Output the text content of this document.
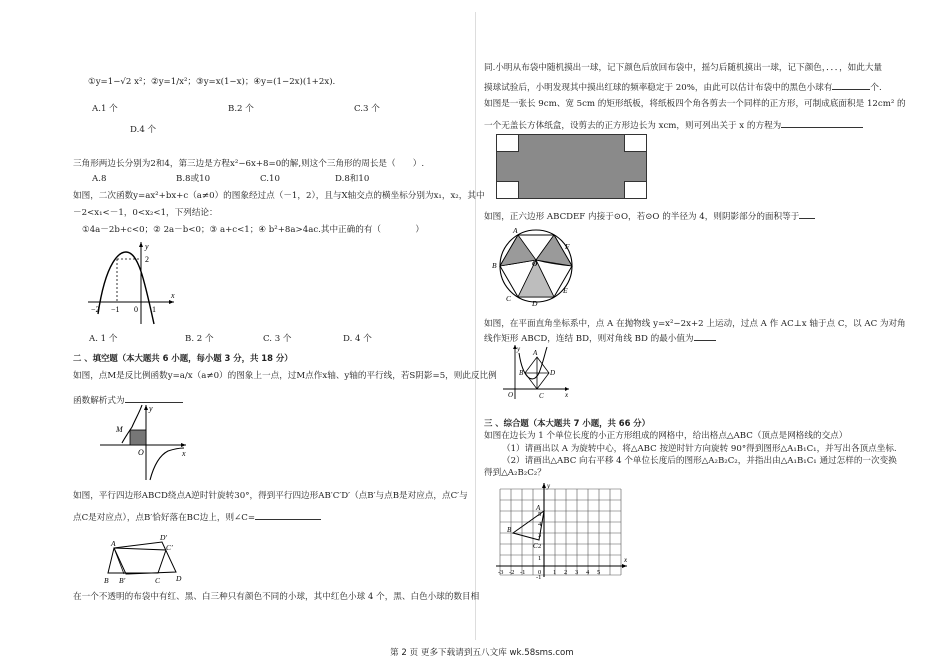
①y=1−√2 x²；②y=1/x²；③y=x(1−x)；④y=(1−2x)(1+2x).
A.1 个	B.2 个	C.3 个
D.4 个
三角形两边长分别为2和4，第三边是方程x²−6x+8=0的解,则这个三角形的周长是（　　）.
A.8	B.8或10	C.10	D.8和10
如图，二次函数y=ax²+bx+c（a≠0）的图象经过点（－1，2），且与X轴交点的横坐标分别为x₁，x₂，其中
－2<x₁<－1，0<x₂<1，下列结论：
①4a－2b+c<0；② 2a－b<0；③ a+c<1；④ b²+8a>4ac.其中正确的有（　　　　）
y
x
2
−2 −1 0 1
A. 1 个	B. 2 个	C. 3 个	D. 4 个
二 、填空题（本大题共 6 小题，每小题 3 分，共 18 分）
如图，点M是反比例函数y=a/x（a≠0）的图象上一点，过M点作x轴、y轴的平行线，若S阴影=5，则此反比例
函数解析式为
y
x
M
O
如图，平行四边形ABCD绕点A逆时针旋转30°，得到平行四边形AB′C′D′（点B′与点B是对应点，点C′与
点C是对应点），点B′恰好落在BC边上，则∠C=
A
B B′	C
C′
D
D′
在一个不透明的布袋中有红、黑、白三种只有颜色不同的小球，其中红色小球 4 个，黑、白色小球的数目相
同.小明从布袋中随机摸出一球，记下颜色后放回布袋中，摇匀后随机摸出一球，记下颜色，．．．，如此大量
摸球试验后，小明发现其中摸出红球的频率稳定于 20%，由此可以估计布袋中的黑色小球有	个.
如图是一张长 9cm、宽 5cm 的矩形纸板，将纸板四个角各剪去一个同样的正方形，可制成底面积是 12cm² 的
一个无盖长方体纸盒，设剪去的正方形边长为 xcm，则可列出关于 x 的方程为
如图，正六边形 ABCDEF 内接于⊙O，若⊙O 的半径为 4，则阴影部分的面积等于
A
B
C
D
E
F
O
如图，在平面直角坐标系中，点 A 在抛物线 y=x²−2x+2 上运动，过点 A 作 AC⊥x 轴于点 C，以 AC 为对角
线作矩形 ABCD，连结 BD，则对角线 BD 的最小值为
y
x
O
A
B
C
D
三 、综合题（本大题共 7 小题，共 66 分）
如图在边长为 1 个单位长度的小正方形组成的网格中，给出格点△ABC（顶点是网格线的交点）
（1）请画出以 A 为旋转中心，将△ABC 按逆时针方向旋转 90°得到图形△A₁B₁C₁，并写出各顶点坐标.
（2）请画出△ABC 向右平移 4 个单位长度后的图形△A₂B₂C₂，并指出由△A₁B₁C₁ 通过怎样的一次变换
得到△A₂B₂C₂？
y
x
A
B
C
-3 -2 -1 0 1 2 3 4 5
5
4
3
2
1
-1
第 2 页 更多下载请到五八文库 wk.58sms.com
